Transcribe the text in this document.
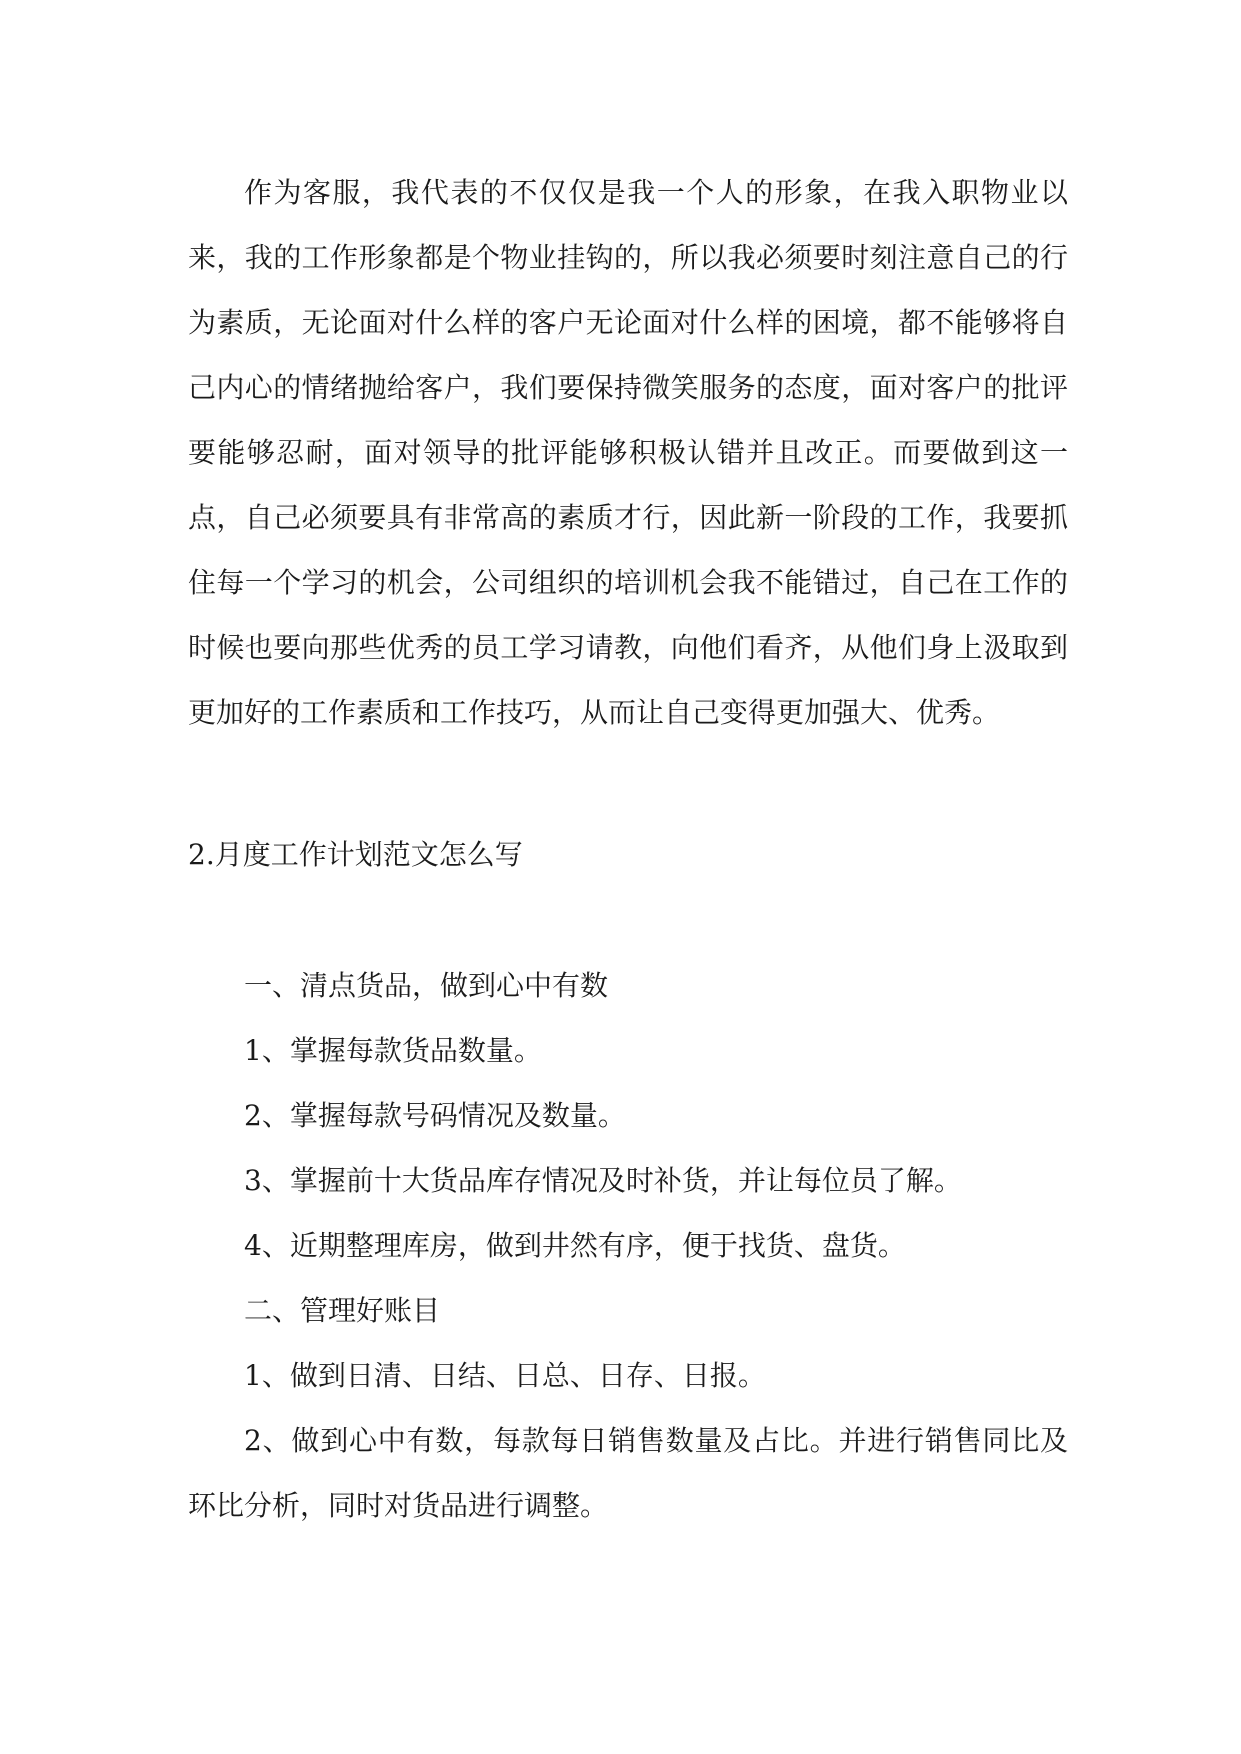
作为客服，我代表的不仅仅是我一个人的形象，在我入职物业以来，我的工作形象都是个物业挂钩的，所以我必须要时刻注意自己的行为素质，无论面对什么样的客户无论面对什么样的困境，都不能够将自己内心的情绪抛给客户，我们要保持微笑服务的态度，面对客户的批评要能够忍耐，面对领导的批评能够积极认错并且改正。而要做到这一点，自己必须要具有非常高的素质才行，因此新一阶段的工作，我要抓住每一个学习的机会，公司组织的培训机会我不能错过，自己在工作的时候也要向那些优秀的员工学习请教，向他们看齐，从他们身上汲取到更加好的工作素质和工作技巧，从而让自己变得更加强大、优秀。

2.月度工作计划范文怎么写

一、清点货品，做到心中有数
1、掌握每款货品数量。
2、掌握每款号码情况及数量。
3、掌握前十大货品库存情况及时补货，并让每位员了解。
4、近期整理库房，做到井然有序，便于找货、盘货。
二、管理好账目
1、做到日清、日结、日总、日存、日报。
2、做到心中有数，每款每日销售数量及占比。并进行销售同比及环比分析，同时对货品进行调整。
